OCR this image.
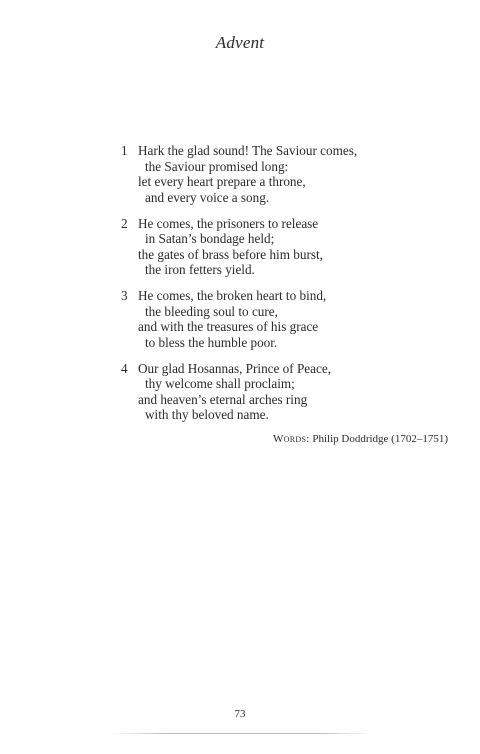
Advent
1 Hark the glad sound! The Saviour comes,
the Saviour promised long:
let every heart prepare a throne,
and every voice a song.
2 He comes, the prisoners to release
in Satan’s bondage held;
the gates of brass before him burst,
the iron fetters yield.
3 He comes, the broken heart to bind,
the bleeding soul to cure,
and with the treasures of his grace
to bless the humble poor.
4 Our glad Hosannas, Prince of Peace,
thy welcome shall proclaim;
and heaven’s eternal arches ring
with thy beloved name.
Words: Philip Doddridge (1702–1751)
73
